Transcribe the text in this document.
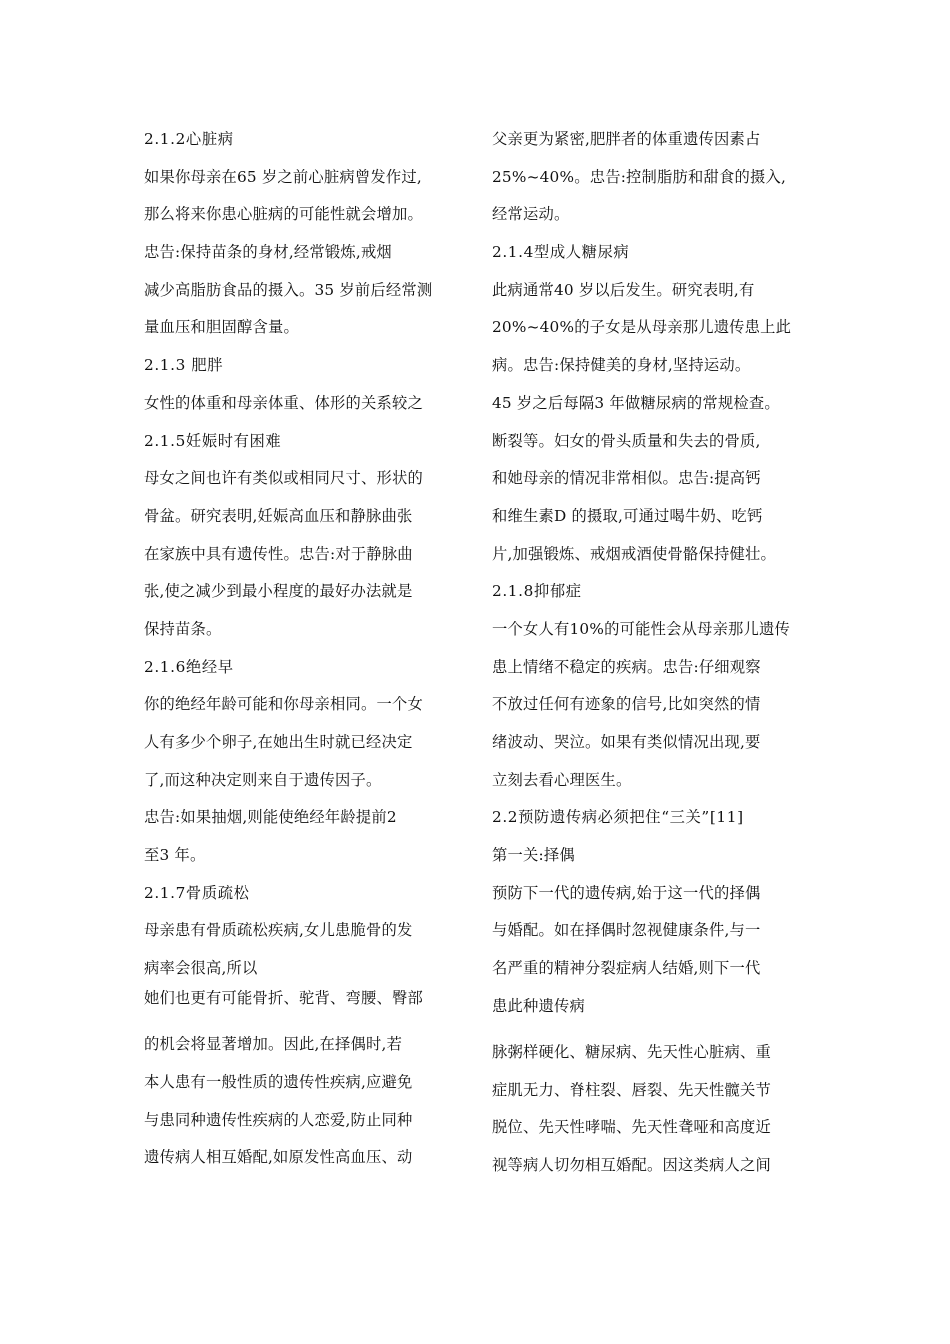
2.1.2心脏病
如果你母亲在65 岁之前心脏病曾发作过,
那么将来你患心脏病的可能性就会增加。
忠告:保持苗条的身材,经常锻炼,戒烟
减少高脂肪食品的摄入。35 岁前后经常测
量血压和胆固醇含量。
2.1.3 肥胖
女性的体重和母亲体重、体形的关系较之
2.1.5妊娠时有困难
母女之间也许有类似或相同尺寸、形状的
骨盆。研究表明,妊娠高血压和静脉曲张
在家族中具有遗传性。忠告:对于静脉曲
张,使之减少到最小程度的最好办法就是
保持苗条。
2.1.6绝经早
你的绝经年龄可能和你母亲相同。一个女
人有多少个卵子,在她出生时就已经决定
了,而这种决定则来自于遗传因子。
忠告:如果抽烟,则能使绝经年龄提前2
至3 年。
2.1.7骨质疏松
母亲患有骨质疏松疾病,女儿患脆骨的发
病率会很高,所以
她们也更有可能骨折、驼背、弯腰、臀部
的机会将显著增加。因此,在择偶时,若
本人患有一般性质的遗传性疾病,应避免
与患同种遗传性疾病的人恋爱,防止同种
遗传病人相互婚配,如原发性高血压、动
父亲更为紧密,肥胖者的体重遗传因素占
25%~40%。忠告:控制脂肪和甜食的摄入,
经常运动。
2.1.4型成人糖尿病
此病通常40 岁以后发生。研究表明,有
20%~40%的子女是从母亲那儿遗传患上此
病。忠告:保持健美的身材,坚持运动。
45 岁之后每隔3 年做糖尿病的常规检查。
断裂等。妇女的骨头质量和失去的骨质,
和她母亲的情况非常相似。忠告:提高钙
和维生素D 的摄取,可通过喝牛奶、吃钙
片,加强锻炼、戒烟戒酒使骨骼保持健壮。
2.1.8抑郁症
一个女人有10%的可能性会从母亲那儿遗传
患上情绪不稳定的疾病。忠告:仔细观察
不放过任何有迹象的信号,比如突然的情
绪波动、哭泣。如果有类似情况出现,要
立刻去看心理医生。
2.2预防遗传病必须把住“三关”[11]
第一关:择偶
预防下一代的遗传病,始于这一代的择偶
与婚配。如在择偶时忽视健康条件,与一
名严重的精神分裂症病人结婚,则下一代
患此种遗传病
脉粥样硬化、糖尿病、先天性心脏病、重
症肌无力、脊柱裂、唇裂、先天性髋关节
脱位、先天性哮喘、先天性聋哑和高度近
视等病人切勿相互婚配。因这类病人之间
